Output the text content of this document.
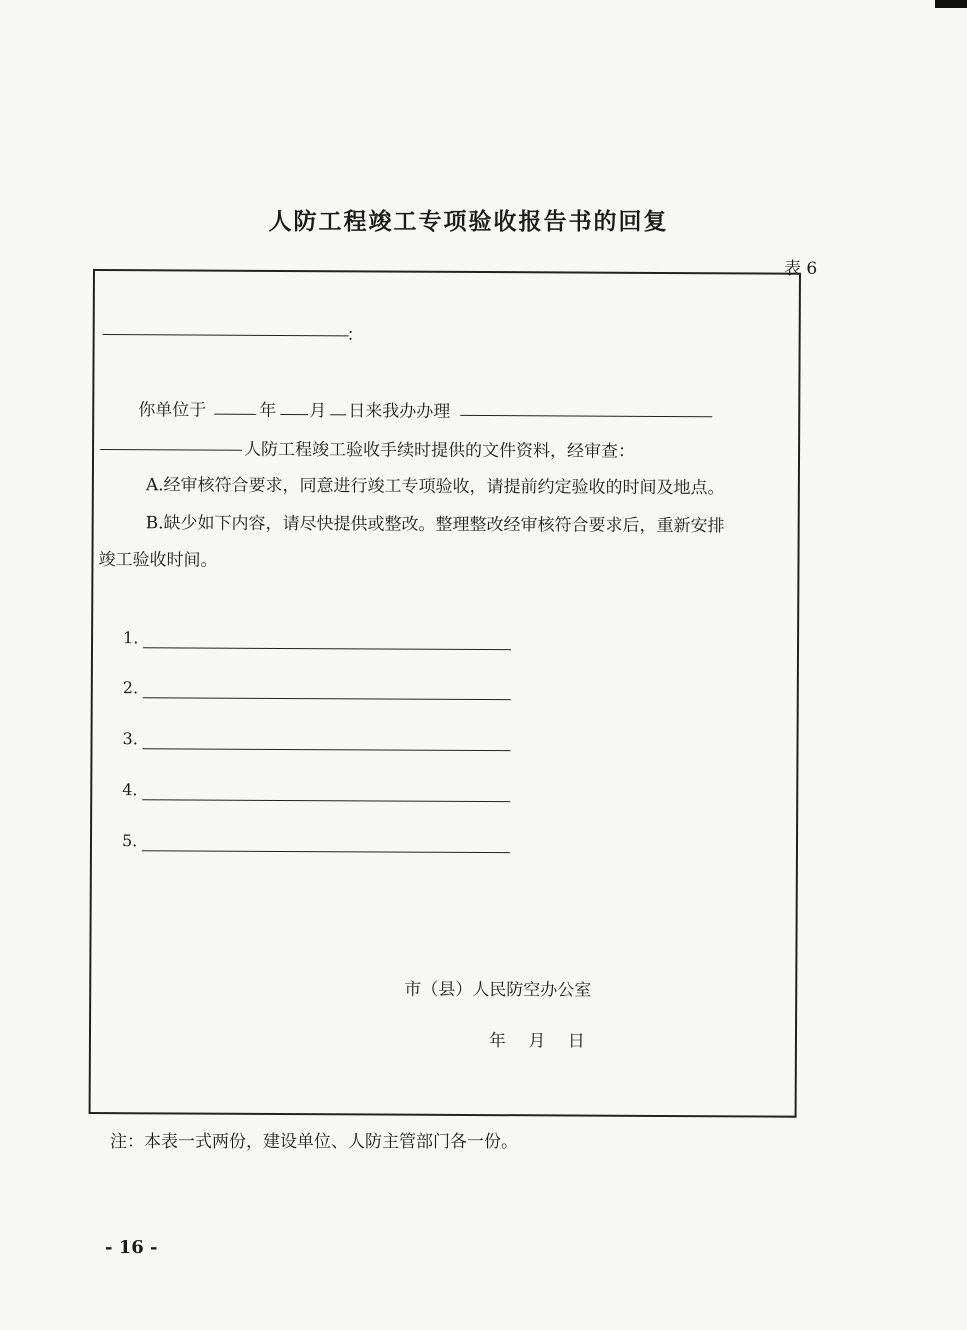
人防工程竣工专项验收报告书的回复
表 6
：
你单位于	年 月 日来我办办理
人防工程竣工验收手续时提供的文件资料，经审查：
A.经审核符合要求，同意进行竣工专项验收，请提前约定验收的时间及地点。
B.缺少如下内容，请尽快提供或整改。整理整改经审核符合要求后，重新安排
竣工验收时间。
1.
2.
3.
4.
5.
市（县）人民防空办公室
年　 月　 日
注：本表一式两份，建设单位、人防主管部门各一份。
- 16 -
